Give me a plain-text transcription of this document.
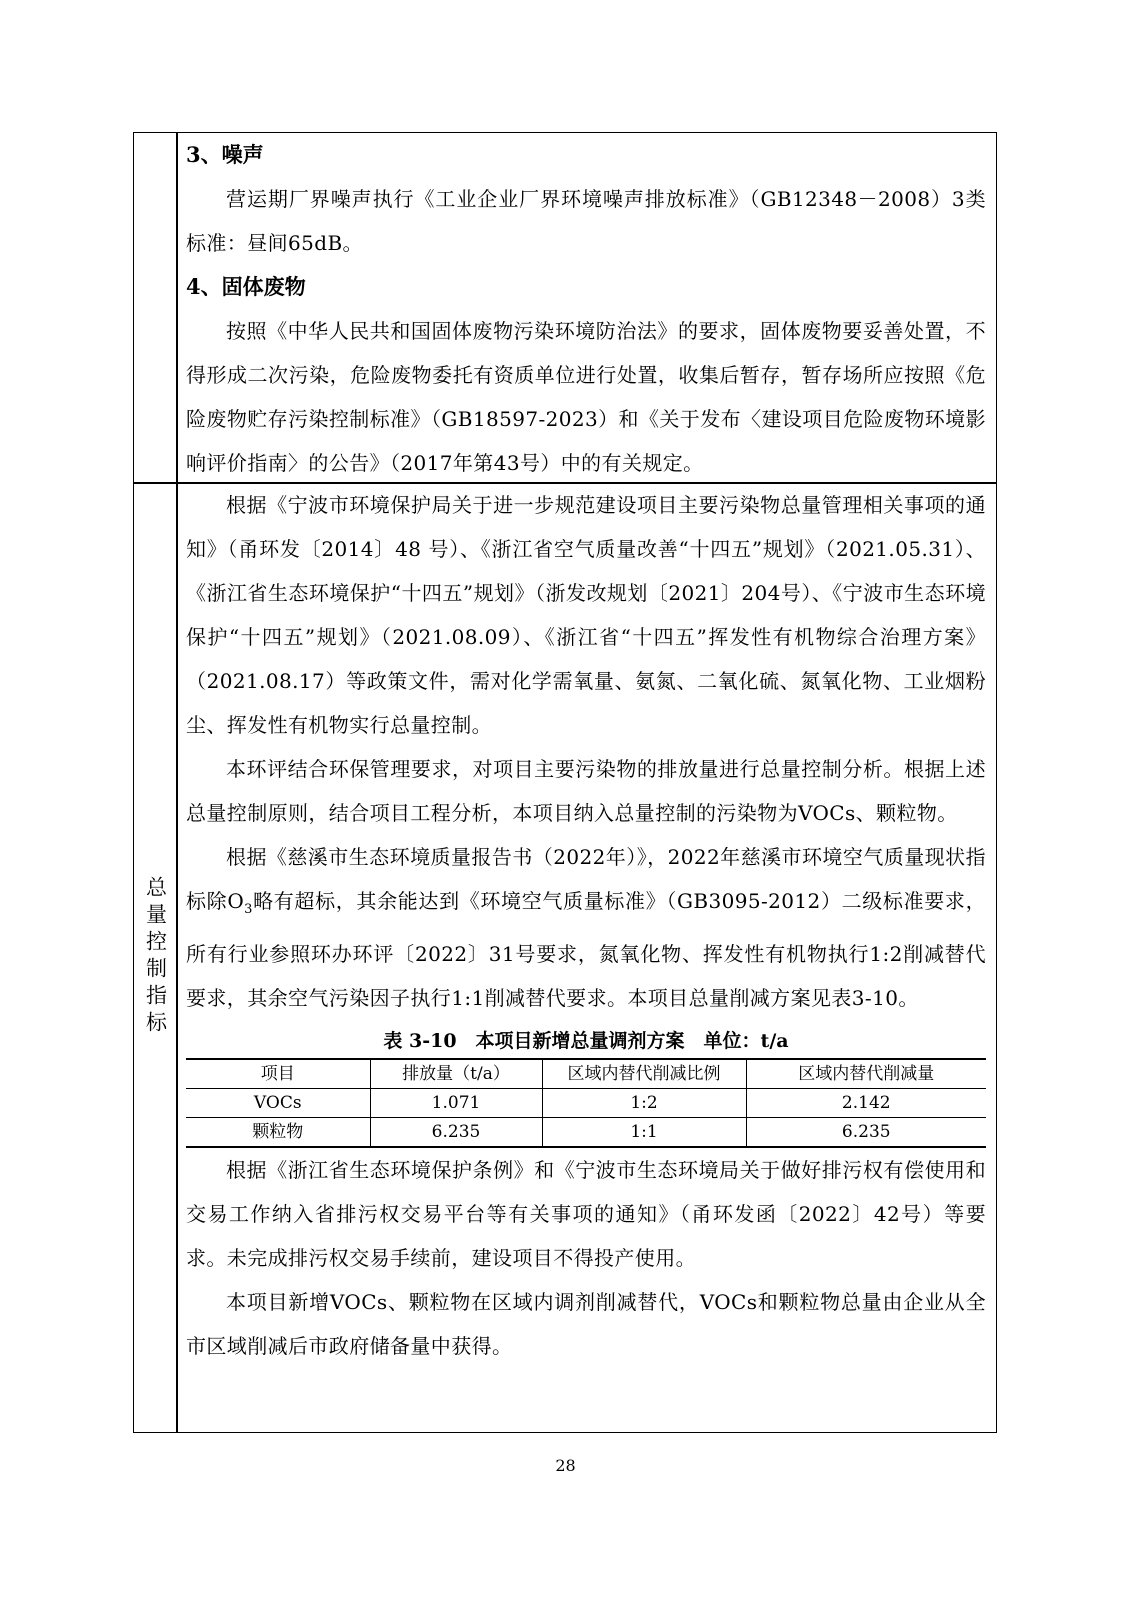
总量控制指标

3、噪声

营运期厂界噪声执行《工业企业厂界环境噪声排放标准》（GB12348－2008）3类标准：昼间65dB。

4、固体废物

按照《中华人民共和国固体废物污染环境防治法》的要求，固体废物要妥善处置，不得形成二次污染，危险废物委托有资质单位进行处置，收集后暂存，暂存场所应按照《危险废物贮存污染控制标准》（GB18597-2023）和《关于发布〈建设项目危险废物环境影响评价指南〉的公告》（2017年第43号）中的有关规定。

根据《宁波市环境保护局关于进一步规范建设项目主要污染物总量管理相关事项的通知》（甬环发〔2014〕48 号）、《浙江省空气质量改善“十四五”规划》（2021.05.31）、《浙江省生态环境保护“十四五”规划》（浙发改规划〔2021〕204号）、《宁波市生态环境保护“十四五”规划》（2021.08.09）、《浙江省“十四五”挥发性有机物综合治理方案》（2021.08.17）等政策文件，需对化学需氧量、氨氮、二氧化硫、氮氧化物、工业烟粉尘、挥发性有机物实行总量控制。

本环评结合环保管理要求，对项目主要污染物的排放量进行总量控制分析。根据上述总量控制原则，结合项目工程分析，本项目纳入总量控制的污染物为VOCs、颗粒物。

根据《慈溪市生态环境质量报告书（2022年）》，2022年慈溪市环境空气质量现状指标除$O_3$略有超标，其余能达到《环境空气质量标准》（GB3095-2012）二级标准要求，所有行业参照环办环评〔2022〕31号要求，氮氧化物、挥发性有机物执行1:2削减替代要求，其余空气污染因子执行1:1削减替代要求。本项目总量削减方案见表3-10。

表 3-10　本项目新增总量调剂方案　单位：t/a
项目	排放量（t/a）	区域内替代削减比例	区域内替代削减量
VOCs	1.071	1:2	2.142
颗粒物	6.235	1:1	6.235

根据《浙江省生态环境保护条例》和《宁波市生态环境局关于做好排污权有偿使用和交易工作纳入省排污权交易平台等有关事项的通知》（甬环发函〔2022〕42号）等要求。未完成排污权交易手续前，建设项目不得投产使用。

本项目新增VOCs、颗粒物在区域内调剂削减替代，VOCs和颗粒物总量由企业从全市区域削减后市政府储备量中获得。

28
